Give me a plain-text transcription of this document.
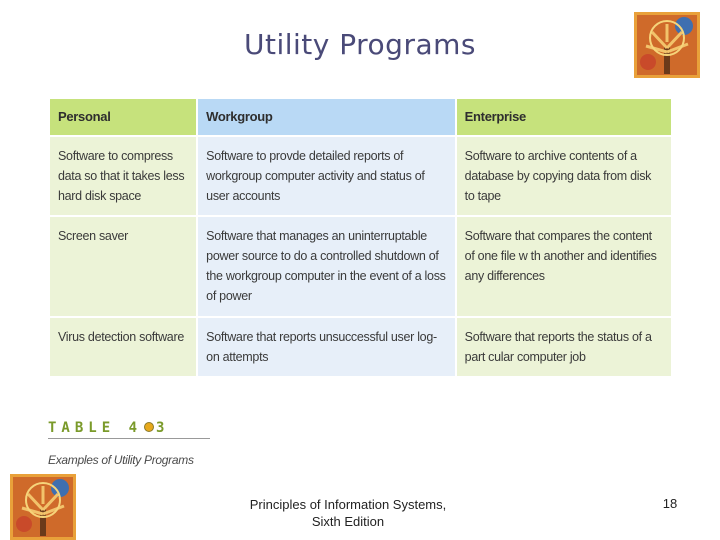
Utility Programs
Personal	Workgroup	Enterprise
Software to compress data so that it takes less hard disk space	Software to provde detailed reports of workgroup computer activity and status of user accounts	Software to archive contents of a database by copying data from disk to tape
Screen saver	Software that manages an uninterruptable power source to do a controlled shutdown of the workgroup computer in the event of a loss of power	Software that compares the content of one file w th another and identifies any differences
Virus detection software	Software that reports unsuccessful user log-on attempts	Software that reports the status of a part cular computer job
TABLE 4 3
Examples of Utility Programs
Principles of Information Systems,
Sixth Edition
18
